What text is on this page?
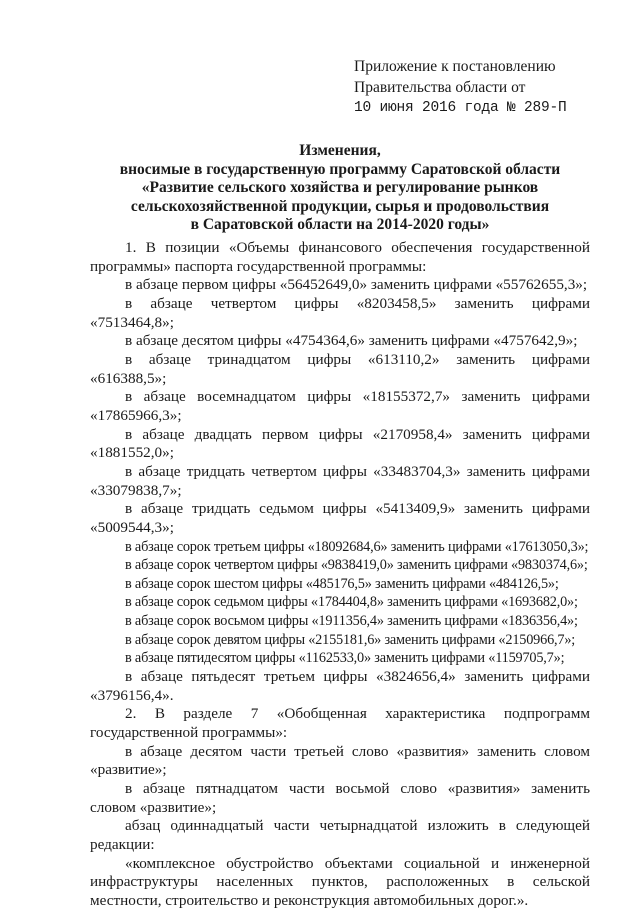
Приложение к постановлению
Правительства области от
10 июня 2016 года № 289-П
Изменения,
вносимые в государственную программу Саратовской области
«Развитие сельского хозяйства и регулирование рынков
сельскохозяйственной продукции, сырья и продовольствия
в Саратовской области на 2014-2020 годы»

1. В позиции «Объемы финансового обеспечения государственной программы» паспорта государственной программы:

в абзаце первом цифры «56452649,0» заменить цифрами «55762655,3»;

в абзаце четвертом цифры «8203458,5» заменить цифрами «7513464,8»;

в абзаце десятом цифры «4754364,6» заменить цифрами «4757642,9»;

в абзаце тринадцатом цифры «613110,2» заменить цифрами «616388,5»;

в абзаце восемнадцатом цифры «18155372,7» заменить цифрами «17865966,3»;

в абзаце двадцать первом цифры «2170958,4» заменить цифрами «1881552,0»;

в абзаце тридцать четвертом цифры «33483704,3» заменить цифрами «33079838,7»;

в абзаце тридцать седьмом цифры «5413409,9» заменить цифрами «5009544,3»;

в абзаце сорок третьем цифры «18092684,6» заменить цифрами «17613050,3»;

в абзаце сорок четвертом цифры «9838419,0» заменить цифрами «9830374,6»;

в абзаце сорок шестом цифры «485176,5» заменить цифрами «484126,5»;

в абзаце сорок седьмом цифры «1784404,8» заменить цифрами «1693682,0»;

в абзаце сорок восьмом цифры «1911356,4» заменить цифрами «1836356,4»;

в абзаце сорок девятом цифры «2155181,6» заменить цифрами «2150966,7»;

в абзаце пятидесятом цифры «1162533,0» заменить цифрами «1159705,7»;

в абзаце пятьдесят третьем цифры «3824656,4» заменить цифрами «3796156,4».

2. В разделе 7 «Обобщенная характеристика подпрограмм государственной программы»:

в абзаце десятом части третьей слово «развития» заменить словом «развитие»;

в абзаце пятнадцатом части восьмой слово «развития» заменить словом «развитие»;

абзац одиннадцатый части четырнадцатой изложить в следующей редакции:

«комплексное обустройство объектами социальной и инженерной инфраструктуры населенных пунктов, расположенных в сельской местности, строительство и реконструкция автомобильных дорог.».
